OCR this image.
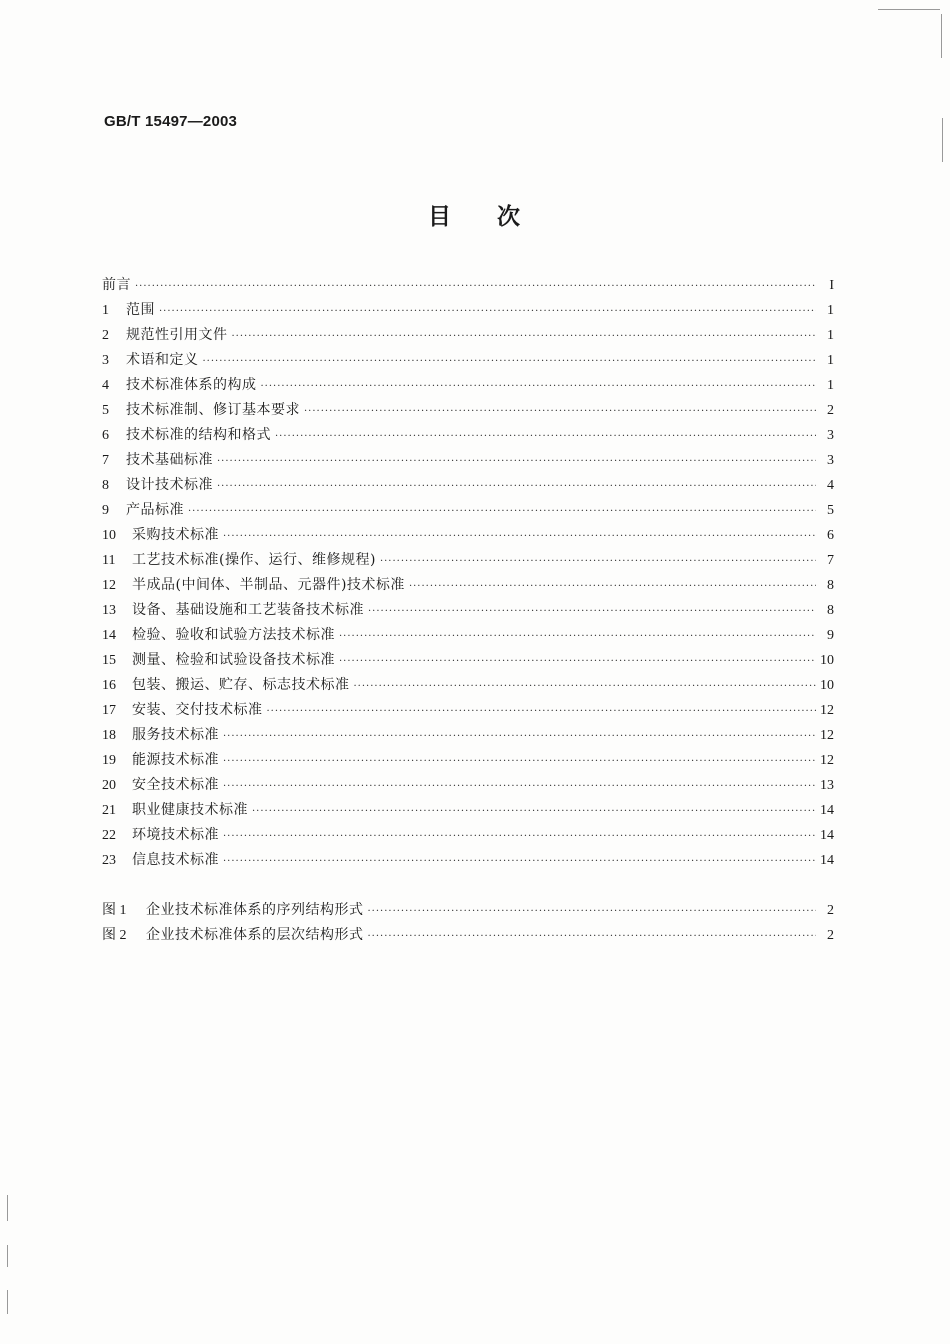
GB/T 15497—2003
目次
前言 ·····	I
1	范围 ·····	1
2	规范性引用文件 ·····	1
3	术语和定义 ·····	1
4	技术标准体系的构成 ·····	1
5	技术标准制、修订基本要求 ·····	2
6	技术标准的结构和格式 ·····	3
7	技术基础标准 ·····	3
8	设计技术标准 ·····	4
9	产品标准 ·····	5
10	采购技术标准 ·····	6
11	工艺技术标准(操作、运行、维修规程) ·····	7
12	半成品(中间体、半制品、元器件)技术标准 ·····	8
13	设备、基础设施和工艺装备技术标准 ·····	8
14	检验、验收和试验方法技术标准 ·····	9
15	测量、检验和试验设备技术标准 ·····	10
16	包装、搬运、贮存、标志技术标准 ·····	10
17	安装、交付技术标准 ·····	12
18	服务技术标准 ·····	12
19	能源技术标准 ·····	12
20	安全技术标准 ·····	13
21	职业健康技术标准 ·····	14
22	环境技术标准 ·····	14
23	信息技术标准 ·····	14
图 1	企业技术标准体系的序列结构形式 ·····	2
图 2	企业技术标准体系的层次结构形式 ·····	2
